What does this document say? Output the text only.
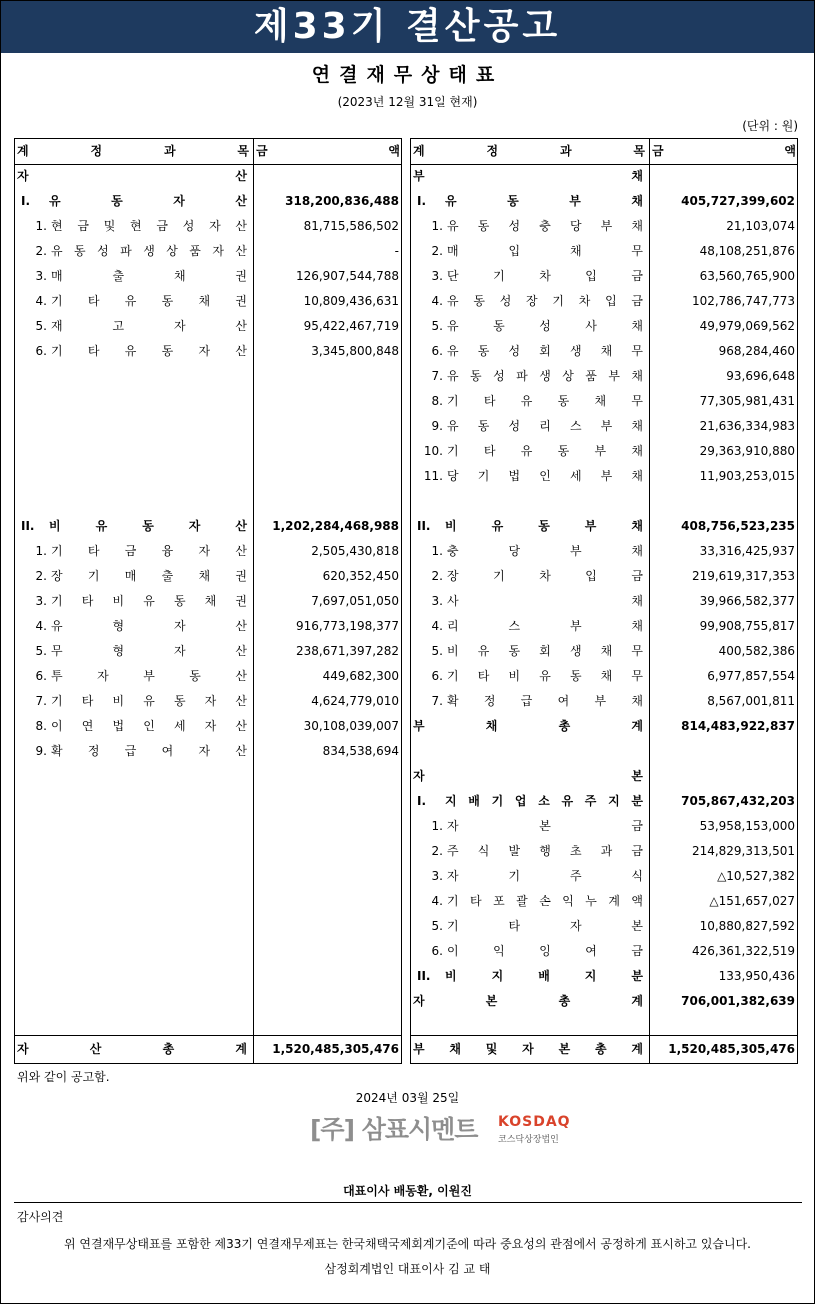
제33기 결산공고
연결재무상태표
(2023년 12월 31일 현재)
(단위 : 원)
계	정	과	목 금	액
자	산
I. 유	동	자	산	318,200,836,488
1. 현 금 및 현 금 성 자 산	81,715,586,502
2. 유 동 성 파 생 상 품 자 산	-
3. 매	출	채	권	126,907,544,788
4. 기 타 유 동 채 권	10,809,436,631
5. 재	고	자	산	95,422,467,719
6. 기 타 유 동 자 산	3,345,800,848
II. 비	유	동	자	산	1,202,284,468,988
1. 기 타 금 융 자 산	2,505,430,818
2. 장 기 매 출 채 권	620,352,450
3. 기 타 비 유 동 채 권	7,697,051,050
4. 유	형	자	산	916,773,198,377
5. 무	형	자	산	238,671,397,282
6. 투	자	부	동	산	449,682,300
7. 기 타 비 유 동 자 산	4,624,779,010
8. 이 연 법 인 세 자 산	30,108,039,007
9. 확 정 급 여 자 산	834,538,694
자	산	총	계	1,520,485,305,476
계	정	과	목 금	액
부	채
I. 유	동	부	채	405,727,399,602
1. 유 동 성 충 당 부 채	21,103,074
2. 매	입	채	무	48,108,251,876
3. 단	기	차	입	금	63,560,765,900
4. 유 동 성 장 기 차 입 금	102,786,747,773
5. 유	동	성	사	채	49,979,069,562
6. 유 동 성 회 생 채 무	968,284,460
7. 유 동 성 파 생 상 품 부 채	93,696,648
8. 기 타 유 동 채 무	77,305,981,431
9. 유 동 성 리 스 부 채	21,636,334,983
10. 기 타 유 동 부 채	29,363,910,880
11. 당 기 법 인 세 부 채	11,903,253,015
II. 비	유	동	부	채	408,756,523,235
1. 충	당	부	채	33,316,425,937
2. 장	기	차	입	금	219,619,317,353
3. 사	채	39,966,582,377
4. 리	스	부	채	99,908,755,817
5. 비 유 동 회 생 채 무	400,582,386
6. 기 타 비 유 동 채 무	6,977,857,554
7. 확 정 급 여 부 채	8,567,001,811
부	채	총	계	814,483,922,837
자	본
I. 지 배 기 업 소 유 주 지 분	705,867,432,203
1. 자	본	금	53,958,153,000
2. 주 식 발 행 초 과 금	214,829,313,501
3. 자	기	주	식	△10,527,382
4. 기 타 포 괄 손 익 누 계 액	△151,657,027
5. 기	타	자	본	10,880,827,592
6. 이	익	잉	여	금	426,361,322,519
II. 비	지	배	지	분	133,950,436
자	본	총	계	706,001,382,639
부 채 및 자 본 총 계	1,520,485,305,476
위와 같이 공고함.
2024년 03월 25일
[주] 삼표시멘트 KOSDAQ
코스닥상장법인
대표이사 배동환, 이원진
감사의견
위 연결재무상태표를 포함한 제33기 연결재무제표는 한국채택국제회계기준에 따라 중요성의 관점에서 공정하게 표시하고 있습니다.
삼정회계법인 대표이사 김 교 태
